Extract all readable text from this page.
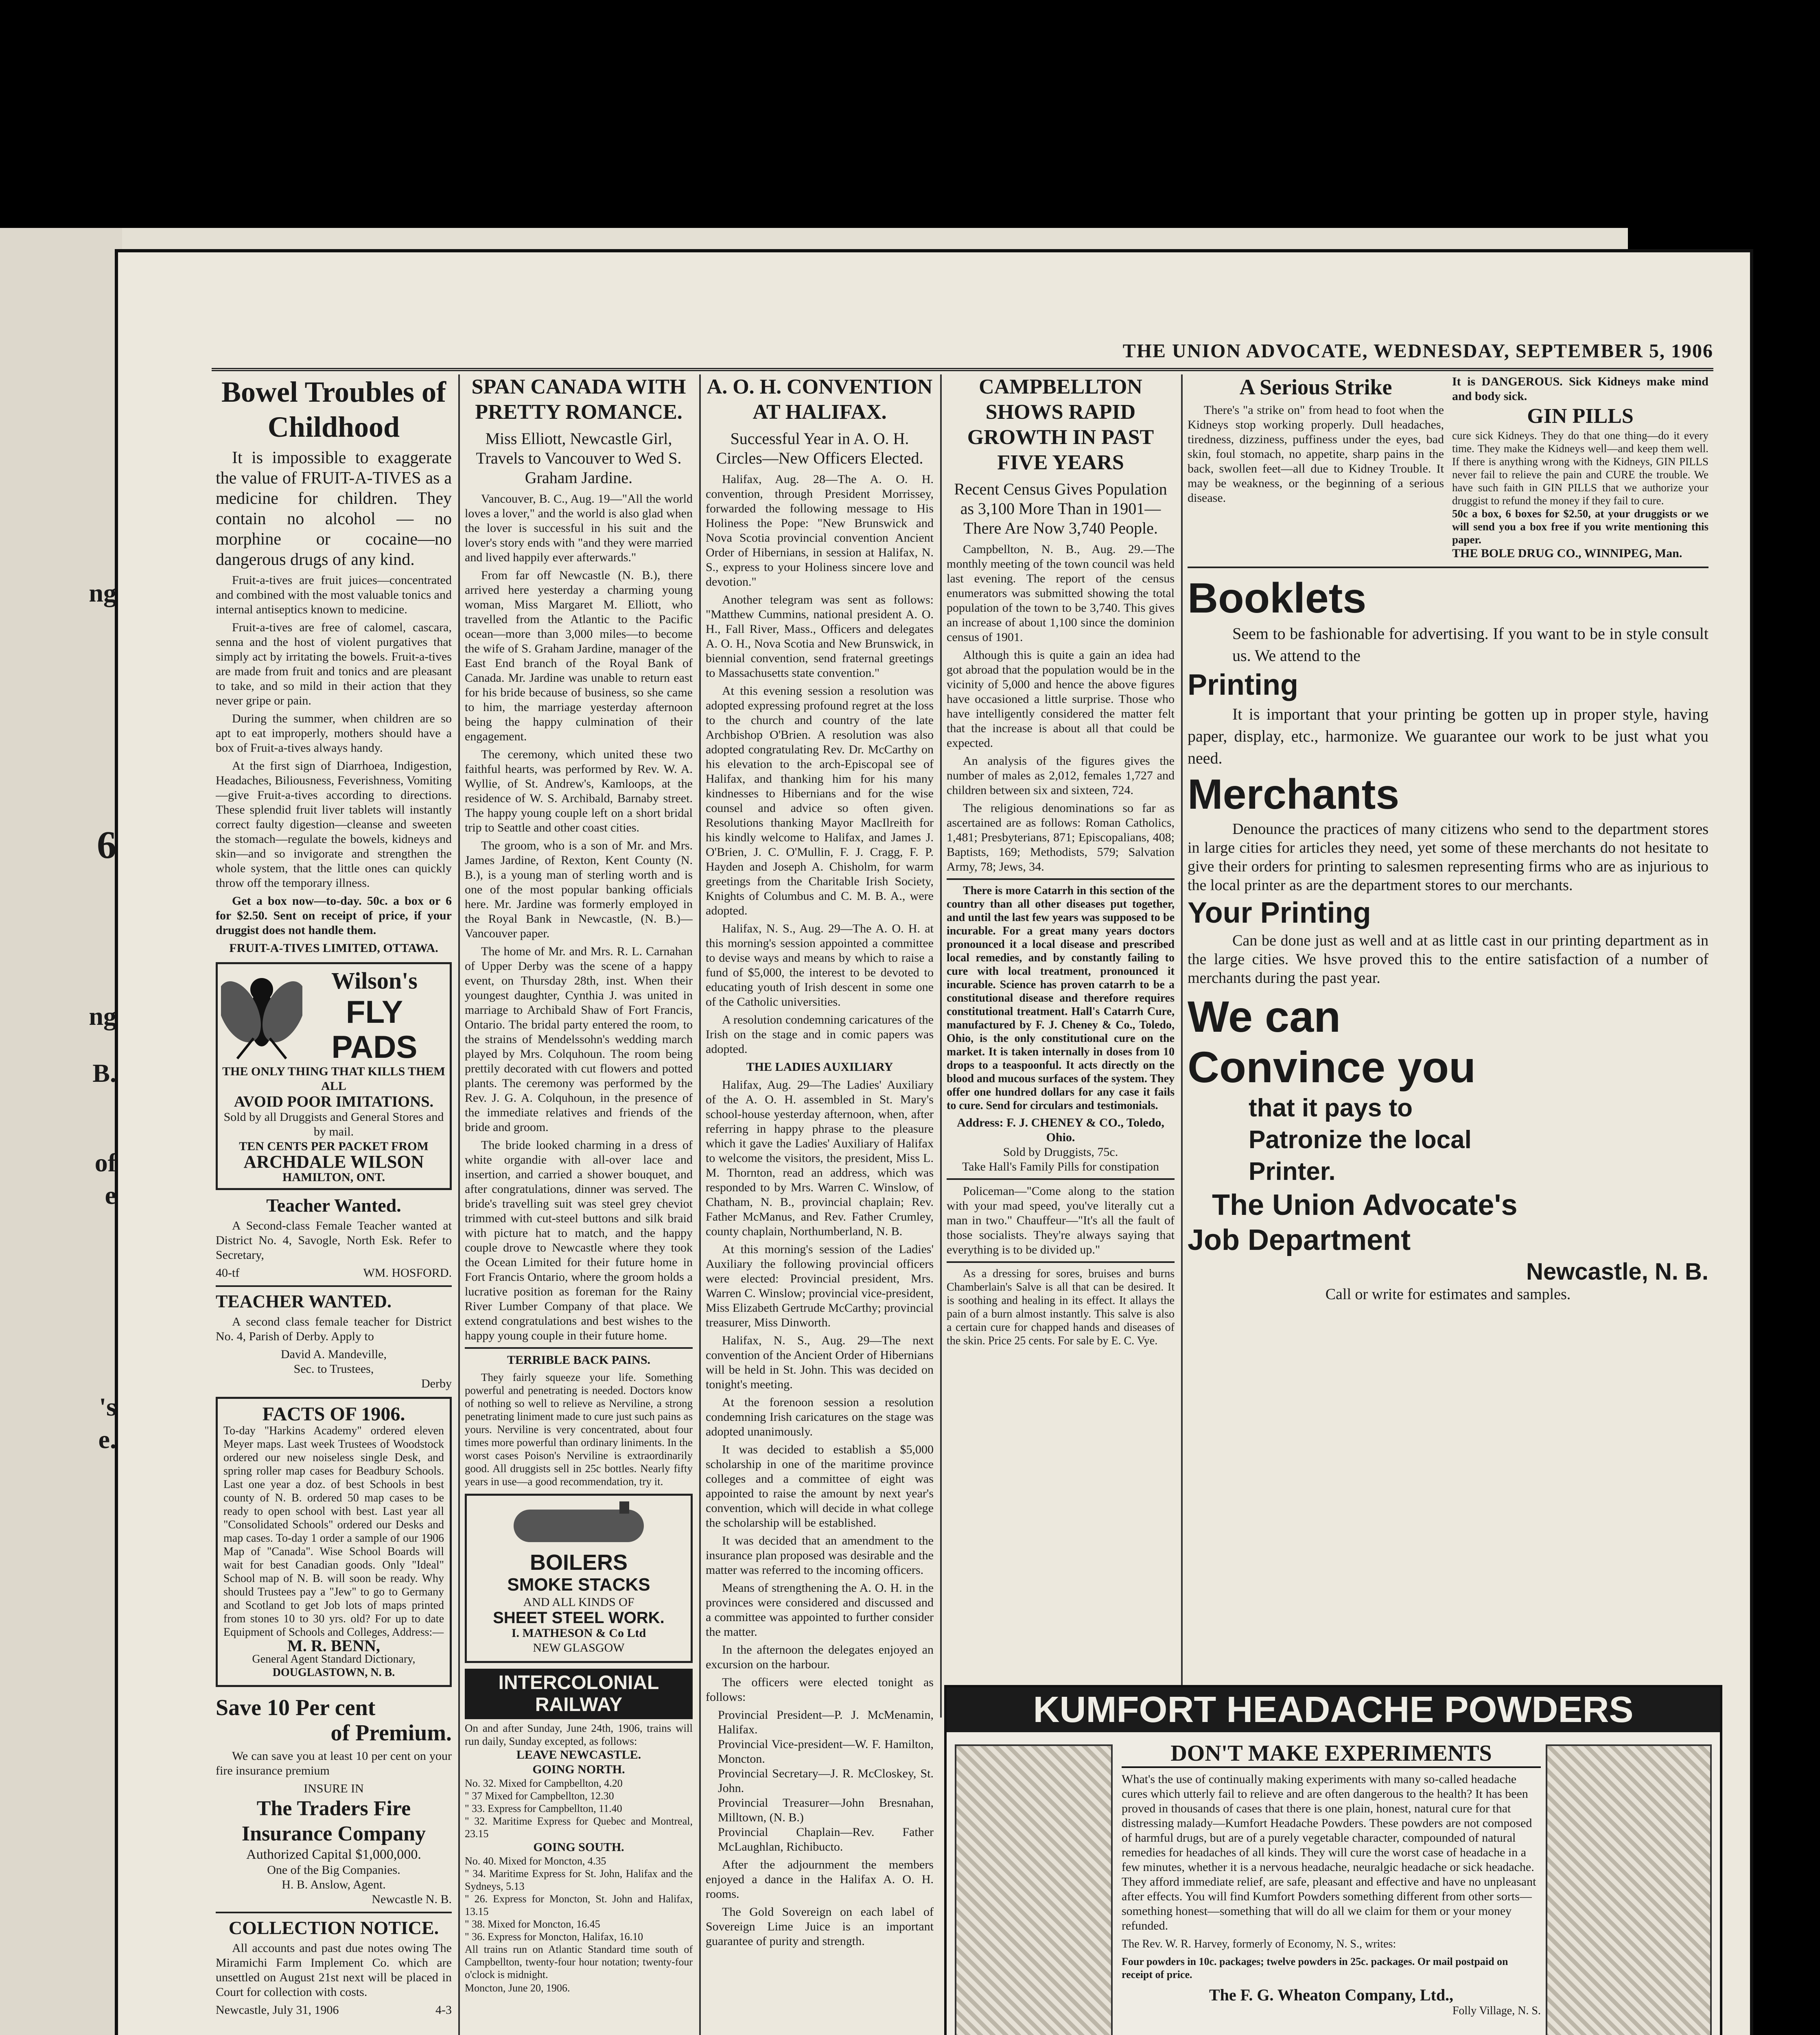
ng
6
ng
B.
of
e
's
e.
THE UNION ADVOCATE, WEDNESDAY, SEPTEMBER 5, 1906
Bowel Troubles of Childhood
It is impossible to exaggerate the value of FRUIT-A-TIVES as a medicine for children. They contain no alcohol — no morphine or cocaine—no dangerous drugs of any kind.
Fruit-a-tives are fruit juices—concentrated and combined with the most valuable tonics and internal antiseptics known to medicine.
Fruit-a-tives are free of calomel, cascara, senna and the host of violent purgatives that simply act by irritating the bowels. Fruit-a-tives are made from fruit and tonics and are pleasant to take, and so mild in their action that they never gripe or pain.
During the summer, when children are so apt to eat improperly, mothers should have a box of Fruit-a-tives always handy.
At the first sign of Diarrhoea, Indigestion, Headaches, Biliousness, Feverishness, Vomiting—give Fruit-a-tives according to directions. These splendid fruit liver tablets will instantly correct faulty digestion—cleanse and sweeten the stomach—regulate the bowels, kidneys and skin—and so invigorate and strengthen the whole system, that the little ones can quickly throw off the temporary illness.
Get a box now—to-day. 50c. a box or 6 for $2.50. Sent on receipt of price, if your druggist does not handle them.
FRUIT-A-TIVES LIMITED, OTTAWA.
Wilson's
FLY PADS
THE ONLY THING THAT KILLS THEM ALL
AVOID POOR IMITATIONS.
Sold by all Druggists and General Stores and by mail.
TEN CENTS PER PACKET FROM
ARCHDALE WILSON
HAMILTON, ONT.
Teacher Wanted.
A Second-class Female Teacher wanted at District No. 4, Savogle, North Esk. Refer to Secretary,
40-tf	WM. HOSFORD.
TEACHER WANTED.
A second class female teacher for District No. 4, Parish of Derby. Apply to
David A. Mandeville,
Sec. to Trustees,
Derby
FACTS OF 1906.
To-day "Harkins Academy" ordered eleven Meyer maps. Last week Trustees of Woodstock ordered our new noiseless single Desk, and spring roller map cases for Beadbury Schools. Last one year a doz. of best Schools in best county of N. B. ordered 50 map cases to be ready to open school with best. Last year all "Consolidated Schools" ordered our Desks and map cases. To-day 1 order a sample of our 1906 Map of "Canada". Wise School Boards will wait for best Canadian goods. Only "Ideal" School map of N. B. will soon be ready. Why should Trustees pay a "Jew" to go to Germany and Scotland to get Job lots of maps printed from stones 10 to 30 yrs. old? For up to date Equipment of Schools and Colleges, Address:—
M. R. BENN,
General Agent Standard Dictionary,
DOUGLASTOWN, N. B.
Save 10 Per cent
of Premium.
We can save you at least 10 per cent on your fire insurance premium
INSURE IN
The Traders Fire Insurance Company
Authorized Capital $1,000,000.
One of the Big Companies.
H. B. Anslow, Agent.
Newcastle N. B.
COLLECTION NOTICE.
All accounts and past due notes owing The Miramichi Farm Implement Co. which are unsettled on August 21st next will be placed in Court for collection with costs.
Newcastle, July 31, 1906	4-3
SPAN CANADA WITH PRETTY ROMANCE.
Miss Elliott, Newcastle Girl, Travels to Vancouver to Wed S. Graham Jardine.
Vancouver, B. C., Aug. 19—"All the world loves a lover," and the world is also glad when the lover is successful in his suit and the lover's story ends with "and they were married and lived happily ever afterwards."
From far off Newcastle (N. B.), there arrived here yesterday a charming young woman, Miss Margaret M. Elliott, who travelled from the Atlantic to the Pacific ocean—more than 3,000 miles—to become the wife of S. Graham Jardine, manager of the East End branch of the Royal Bank of Canada. Mr. Jardine was unable to return east for his bride because of business, so she came to him, the marriage yesterday afternoon being the happy culmination of their engagement.
The ceremony, which united these two faithful hearts, was performed by Rev. W. A. Wyllie, of St. Andrew's, Kamloops, at the residence of W. S. Archibald, Barnaby street. The happy young couple left on a short bridal trip to Seattle and other coast cities.
The groom, who is a son of Mr. and Mrs. James Jardine, of Rexton, Kent County (N. B.), is a young man of sterling worth and is one of the most popular banking officials here. Mr. Jardine was formerly employed in the Royal Bank in Newcastle, (N. B.)—Vancouver paper.
The home of Mr. and Mrs. R. L. Carnahan of Upper Derby was the scene of a happy event, on Thursday 28th, inst. When their youngest daughter, Cynthia J. was united in marriage to Archibald Shaw of Fort Francis, Ontario. The bridal party entered the room, to the strains of Mendelssohn's wedding march played by Mrs. Colquhoun. The room being prettily decorated with cut flowers and potted plants. The ceremony was performed by the Rev. J. G. A. Colquhoun, in the presence of the immediate relatives and friends of the bride and groom.
The bride looked charming in a dress of white organdie with all-over lace and insertion, and carried a shower bouquet, and after congratulations, dinner was served. The bride's travelling suit was steel grey cheviot trimmed with cut-steel buttons and silk braid with picture hat to match, and the happy couple drove to Newcastle where they took the Ocean Limited for their future home in Fort Francis Ontario, where the groom holds a lucrative position as foreman for the Rainy River Lumber Company of that place. We extend congratulations and best wishes to the happy young couple in their future home.
TERRIBLE BACK PAINS.
They fairly squeeze your life. Something powerful and penetrating is needed. Doctors know of nothing so well to relieve as Nerviline, a strong penetrating liniment made to cure just such pains as yours. Nerviline is very concentrated, about four times more powerful than ordinary liniments. In the worst cases Poison's Nerviline is extraordinarily good. All druggists sell in 25c bottles. Nearly fifty years in use—a good recommendation, try it.
BOILERS
SMOKE STACKS
AND ALL KINDS OF
SHEET STEEL WORK.
I. MATHESON & Co Ltd
NEW GLASGOW
INTERCOLONIAL RAILWAY
On and after Sunday, June 24th, 1906, trains will run daily, Sunday excepted, as follows:
LEAVE NEWCASTLE.
GOING NORTH.
No. 32. Mixed for Campbellton, 4.20
" 37 Mixed for Campbellton, 12.30
" 33. Express for Campbellton, 11.40
" 32. Maritime Express for Quebec and Montreal, 23.15
GOING SOUTH.
No. 40. Mixed for Moncton, 4.35
" 34. Maritime Express for St. John, Halifax and the Sydneys, 5.13
" 26. Express for Moncton, St. John and Halifax, 13.15
" 38. Mixed for Moncton, 16.45
" 36. Express for Moncton, Halifax, 16.10
All trains run on Atlantic Standard time south of Campbellton, twenty-four hour notation; twenty-four o'clock is midnight.
Moncton, June 20, 1906.
A. O. H. CONVENTION AT HALIFAX.
Successful Year in A. O. H. Circles—New Officers Elected.
Halifax, Aug. 28—The A. O. H. convention, through President Morrissey, forwarded the following message to His Holiness the Pope: "New Brunswick and Nova Scotia provincial convention Ancient Order of Hibernians, in session at Halifax, N. S., express to your Holiness sincere love and devotion."
Another telegram was sent as follows: "Matthew Cummins, national president A. O. H., Fall River, Mass., Officers and delegates A. O. H., Nova Scotia and New Brunswick, in biennial convention, send fraternal greetings to Massachusetts state convention."
At this evening session a resolution was adopted expressing profound regret at the loss to the church and country of the late Archbishop O'Brien. A resolution was also adopted congratulating Rev. Dr. McCarthy on his elevation to the arch-Episcopal see of Halifax, and thanking him for his many kindnesses to Hibernians and for the wise counsel and advice so often given. Resolutions thanking Mayor MacIlreith for his kindly welcome to Halifax, and James J. O'Brien, J. C. O'Mullin, F. J. Cragg, F. P. Hayden and Joseph A. Chisholm, for warm greetings from the Charitable Irish Society, Knights of Columbus and C. M. B. A., were adopted.
Halifax, N. S., Aug. 29—The A. O. H. at this morning's session appointed a committee to devise ways and means by which to raise a fund of $5,000, the interest to be devoted to educating youth of Irish descent in some one of the Catholic universities.
A resolution condemning caricatures of the Irish on the stage and in comic papers was adopted.
THE LADIES AUXILIARY
Halifax, Aug. 29—The Ladies' Auxiliary of the A. O. H. assembled in St. Mary's school-house yesterday afternoon, when, after referring in happy phrase to the pleasure which it gave the Ladies' Auxiliary of Halifax to welcome the visitors, the president, Miss L. M. Thornton, read an address, which was responded to by Mrs. Warren C. Winslow, of Chatham, N. B., provincial chaplain; Rev. Father McManus, and Rev. Father Crumley, county chaplain, Northumberland, N. B.
At this morning's session of the Ladies' Auxiliary the following provincial officers were elected: Provincial president, Mrs. Warren C. Winslow; provincial vice-president, Miss Elizabeth Gertrude McCarthy; provincial treasurer, Miss Dinworth.
Halifax, N. S., Aug. 29—The next convention of the Ancient Order of Hibernians will be held in St. John. This was decided on tonight's meeting.
At the forenoon session a resolution condemning Irish caricatures on the stage was adopted unanimously.
It was decided to establish a $5,000 scholarship in one of the maritime province colleges and a committee of eight was appointed to raise the amount by next year's convention, which will decide in what college the scholarship will be established.
It was decided that an amendment to the insurance plan proposed was desirable and the matter was referred to the incoming officers.
Means of strengthening the A. O. H. in the provinces were considered and discussed and a committee was appointed to further consider the matter.
In the afternoon the delegates enjoyed an excursion on the harbour.
The officers were elected tonight as follows:
Provincial President—P. J. McMenamin, Halifax.
Provincial Vice-president—W. F. Hamilton, Moncton.
Provincial Secretary—J. R. McCloskey, St. John.
Provincial Treasurer—John Bresnahan, Milltown, (N. B.)
Provincial Chaplain—Rev. Father McLaughlan, Richibucto.
After the adjournment the members enjoyed a dance in the Halifax A. O. H. rooms.
The Gold Sovereign on each label of Sovereign Lime Juice is an important guarantee of purity and strength.
CAMPBELLTON SHOWS RAPID GROWTH IN PAST FIVE YEARS
Recent Census Gives Population as 3,100 More Than in 1901—There Are Now 3,740 People.
Campbellton, N. B., Aug. 29.—The monthly meeting of the town council was held last evening. The report of the census enumerators was submitted showing the total population of the town to be 3,740. This gives an increase of about 1,100 since the dominion census of 1901.
Although this is quite a gain an idea had got abroad that the population would be in the vicinity of 5,000 and hence the above figures have occasioned a little surprise. Those who have intelligently considered the matter felt that the increase is about all that could be expected.
An analysis of the figures gives the number of males as 2,012, females 1,727 and children between six and sixteen, 724.
The religious denominations so far as ascertained are as follows: Roman Catholics, 1,481; Presbyterians, 871; Episcopalians, 408; Baptists, 169; Methodists, 579; Salvation Army, 78; Jews, 34.
There is more Catarrh in this section of the country than all other diseases put together, and until the last few years was supposed to be incurable. For a great many years doctors pronounced it a local disease and prescribed local remedies, and by constantly failing to cure with local treatment, pronounced it incurable. Science has proven catarrh to be a constitutional disease and therefore requires constitutional treatment. Hall's Catarrh Cure, manufactured by F. J. Cheney & Co., Toledo, Ohio, is the only constitutional cure on the market. It is taken internally in doses from 10 drops to a teaspoonful. It acts directly on the blood and mucous surfaces of the system. They offer one hundred dollars for any case it fails to cure. Send for circulars and testimonials.
Address: F. J. CHENEY & CO., Toledo, Ohio.
Sold by Druggists, 75c.
Take Hall's Family Pills for constipation
Policeman—"Come along to the station with your mad speed, you've literally cut a man in two." Chauffeur—"It's all the fault of those socialists. They're always saying that everything is to be divided up."
As a dressing for sores, bruises and burns Chamberlain's Salve is all that can be desired. It is soothing and healing in its effect. It allays the pain of a burn almost instantly. This salve is also a certain cure for chapped hands and diseases of the skin. Price 25 cents. For sale by E. C. Vye.
A Serious Strike
There's "a strike on" from head to foot when the Kidneys stop working properly. Dull headaches, tiredness, dizziness, puffiness under the eyes, bad skin, foul stomach, no appetite, sharp pains in the back, swollen feet—all due to Kidney Trouble. It may be weakness, or the beginning of a serious disease.
It is DANGEROUS. Sick Kidneys make mind and body sick.
GIN PILLS
cure sick Kidneys. They do that one thing—do it every time. They make the Kidneys well—and keep them well. If there is anything wrong with the Kidneys, GIN PILLS never fail to relieve the pain and CURE the trouble. We have such faith in GIN PILLS that we authorize your druggist to refund the money if they fail to cure.
50c a box, 6 boxes for $2.50, at your druggists or we will send you a box free if you write mentioning this paper.
THE BOLE DRUG CO., WINNIPEG, Man.
Booklets
Seem to be fashionable for advertising. If you want to be in style consult us. We attend to the
Printing
It is important that your printing be gotten up in proper style, having paper, display, etc., harmonize. We guarantee our work to be just what you need.
Merchants
Denounce the practices of many citizens who send to the department stores in large cities for articles they need, yet some of these merchants do not hesitate to give their orders for printing to salesmen representing firms who are as injurious to the local printer as are the department stores to our merchants.
Your Printing
Can be done just as well and at as little cast in our printing department as in the large cities. We hsve proved this to the entire satisfaction of a number of merchants during the past year.
We can
Convince you
that it pays to
Patronize the local
Printer.
The Union Advocate's
Job Department
Newcastle, N. B.
Call or write for estimates and samples.
KUMFORT HEADACHE POWDERS
DON'T MAKE EXPERIMENTS
What's the use of continually making experiments with many so-called headache cures which utterly fail to relieve and are often dangerous to the health? It has been proved in thousands of cases that there is one plain, honest, natural cure for that distressing malady—Kumfort Headache Powders. These powders are not composed of harmful drugs, but are of a purely vegetable character, compounded of natural remedies for headaches of all kinds. They will cure the worst case of headache in a few minutes, whether it is a nervous headache, neuralgic headache or sick headache. They afford immediate relief, are safe, pleasant and effective and have no unpleasant after effects. You will find Kumfort Powders something different from other sorts—something honest—something that will do all we claim for them or your money refunded.
The Rev. W. R. Harvey, formerly of Economy, N. S., writes:
Four powders in 10c. packages; twelve powders in 25c. packages. Or mail postpaid on receipt of price.
The F. G. Wheaton Company, Ltd.,
Folly Village, N. S.
